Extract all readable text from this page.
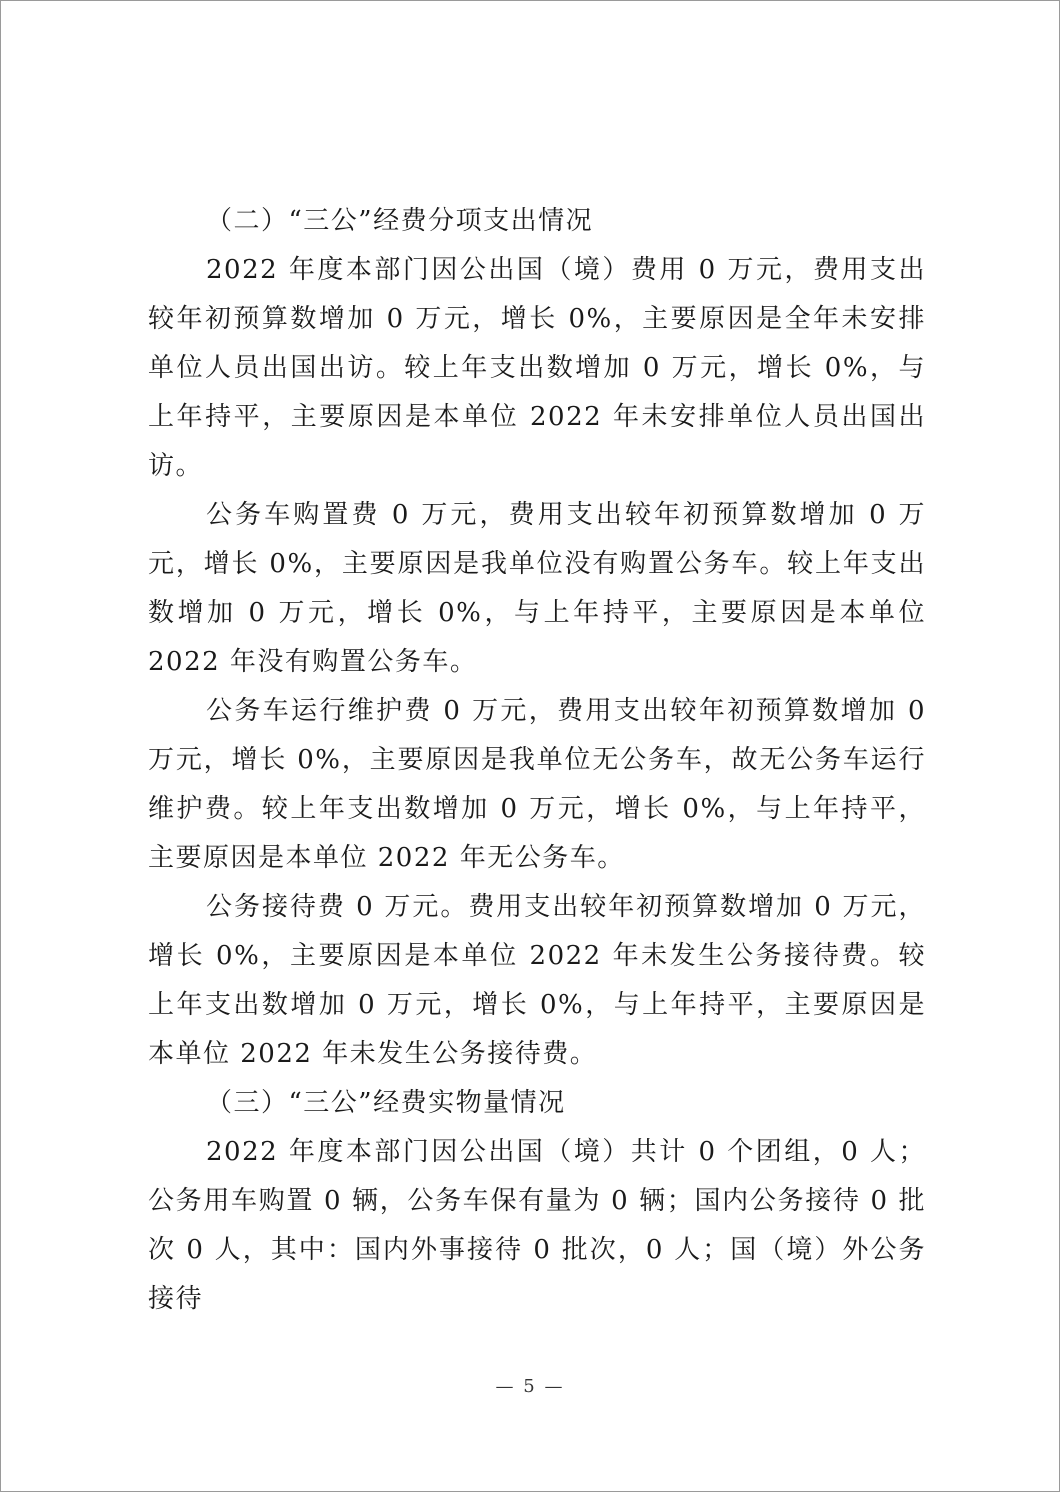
（二）“三公”经费分项支出情况

2022 年度本部门因公出国（境）费用 0 万元，费用支出较年初预算数增加 0 万元，增长 0%，主要原因是全年未安排单位人员出国出访。较上年支出数增加 0 万元，增长 0%，与上年持平，主要原因是本单位 2022 年未安排单位人员出国出访。

公务车购置费 0 万元，费用支出较年初预算数增加 0 万元，增长 0%，主要原因是我单位没有购置公务车。较上年支出数增加 0 万元，增长 0%，与上年持平，主要原因是本单位 2022 年没有购置公务车。

公务车运行维护费 0 万元，费用支出较年初预算数增加 0 万元，增长 0%，主要原因是我单位无公务车，故无公务车运行维护费。较上年支出数增加 0 万元，增长 0%，与上年持平，主要原因是本单位 2022 年无公务车。

公务接待费 0 万元。费用支出较年初预算数增加 0 万元，增长 0%，主要原因是本单位 2022 年未发生公务接待费。较上年支出数增加 0 万元，增长 0%，与上年持平，主要原因是本单位 2022 年未发生公务接待费。

（三）“三公”经费实物量情况

2022 年度本部门因公出国（境）共计 0 个团组，0 人；公务用车购置 0 辆，公务车保有量为 0 辆；国内公务接待 0 批次 0 人，其中：国内外事接待 0 批次，0 人；国（境）外公务接待

— 5 —
